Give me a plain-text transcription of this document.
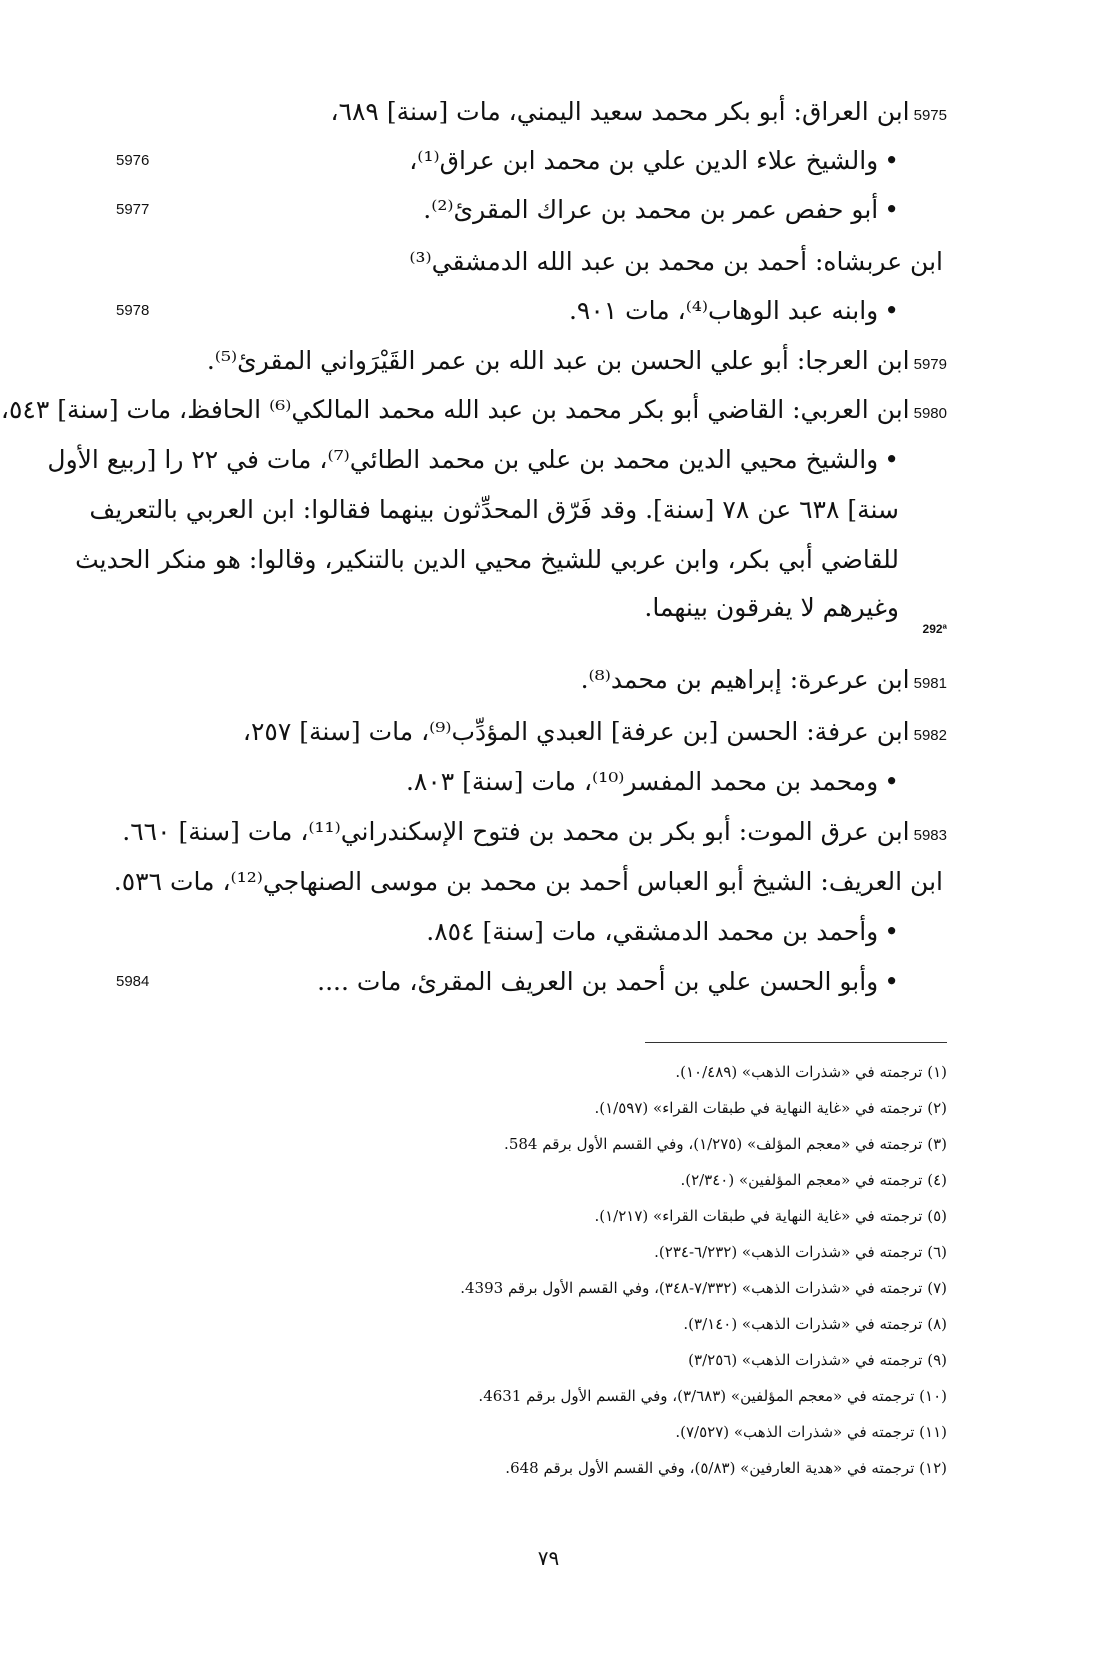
5975ابن العراق: أبو بكر محمد سعيد اليمني، مات [سنة] ٦٨٩،
5976	•والشيخ علاء الدين علي بن محمد ابن عراق⁽¹⁾،
5977	•أبو حفص عمر بن محمد بن عراك المقرئ⁽²⁾.
ابن عربشاه: أحمد بن محمد بن عبد الله الدمشقي⁽³⁾
5978	•وابنه عبد الوهاب⁽⁴⁾، مات ٩٠١.
5979ابن العرجا: أبو علي الحسن بن عبد الله بن عمر القَيْرَواني المقرئ⁽⁵⁾.
5980ابن العربي: القاضي أبو بكر محمد بن عبد الله محمد المالكي⁽⁶⁾ الحافظ، مات [سنة] ٥٤٣،
•والشيخ محيي الدين محمد بن علي بن محمد الطائي⁽⁷⁾، مات في ٢٢ را [ربيع الأول
سنة] ٦٣٨ عن ٧٨ [سنة]. وقد فَرّق المحدِّثون بينهما فقالوا: ابن العربي بالتعريف
للقاضي أبي بكر، وابن عربي للشيخ محيي الدين بالتنكير، وقالوا: هو منكر الحديث
وغيرهم لا يفرقون بينهما.
292ª
5981ابن عرعرة: إبراهيم بن محمد⁽⁸⁾.
5982ابن عرفة: الحسن [بن عرفة] العبدي المؤدِّب⁽⁹⁾، مات [سنة] ٢٥٧،
•ومحمد بن محمد المفسر⁽¹⁰⁾، مات [سنة] ٨٠٣.
5983ابن عرق الموت: أبو بكر بن محمد بن فتوح الإسكندراني⁽¹¹⁾، مات [سنة] ٦٦٠.
ابن العريف: الشيخ أبو العباس أحمد بن محمد بن موسى الصنهاجي⁽¹²⁾، مات ٥٣٦.
•وأحمد بن محمد الدمشقي، مات [سنة] ٨٥٤.
5984	•وأبو الحسن علي بن أحمد بن العريف المقرئ، مات ....
(١) ترجمته في «شذرات الذهب» (١٠/٤٨٩).
(٢) ترجمته في «غاية النهاية في طبقات القراء» (١/٥٩٧).
(٣) ترجمته في «معجم المؤلف» (١/٢٧٥)، وفي القسم الأول برقم 584.
(٤) ترجمته في «معجم المؤلفين» (٢/٣٤٠).
(٥) ترجمته في «غاية النهاية في طبقات القراء» (١/٢١٧).
(٦) ترجمته في «شذرات الذهب» (٦/٢٣٢-٢٣٤).
(٧) ترجمته في «شذرات الذهب» (٧/٣٣٢-٣٤٨)، وفي القسم الأول برقم 4393.
(٨) ترجمته في «شذرات الذهب» (٣/١٤٠).
(٩) ترجمته في «شذرات الذهب» (٣/٢٥٦)
(١٠) ترجمته في «معجم المؤلفين» (٣/٦٨٣)، وفي القسم الأول برقم 4631.
(١١) ترجمته في «شذرات الذهب» (٧/٥٢٧).
(١٢) ترجمته في «هدية العارفين» (٥/٨٣)، وفي القسم الأول برقم 648.
٧٩
